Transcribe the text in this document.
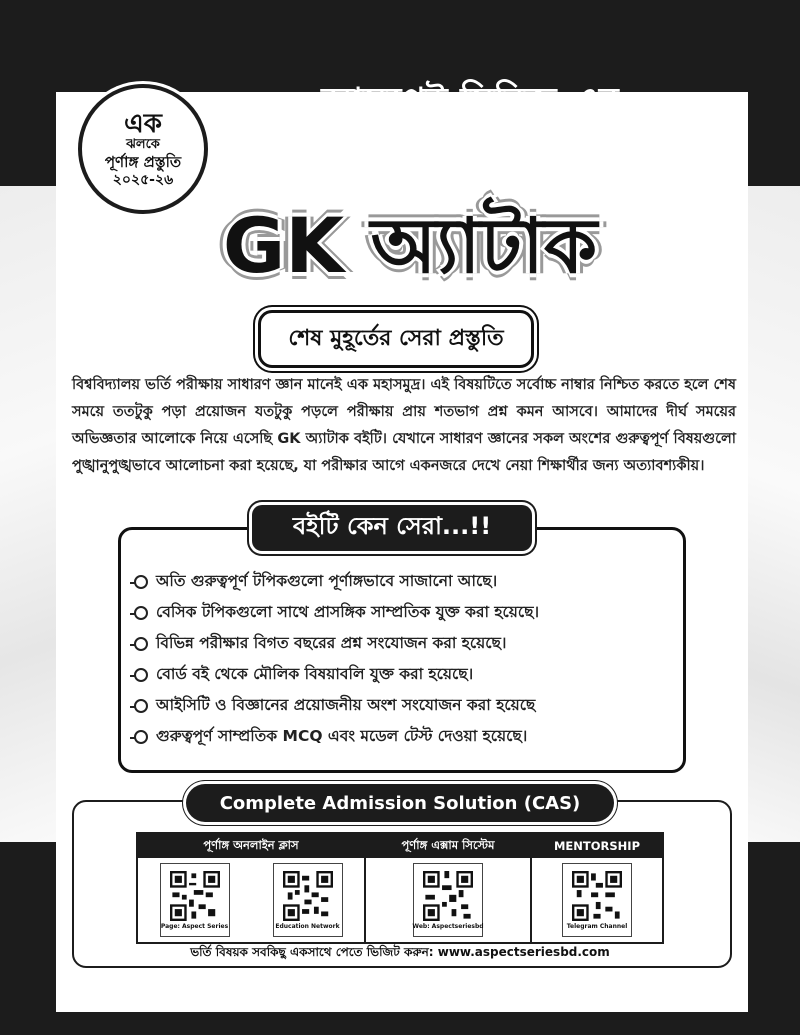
এক
ঝলকে
পূর্ণাঙ্গ প্রস্তুতি
২০২৫-২৬
আসপেক্ট সিরিজ-এর
ঢাকা বিশ্ববিদ্যালয়সহ সকল পাবলিক বিশ্ববিদ্যালয়ের সাধারণ জ্ঞানের
শেষ সময়ের পূর্ণাঙ্গ প্রস্তুতির জন্য
GK অ্যাটাক
শেষ মুহূর্তের সেরা প্রস্তুতি
বিশ্ববিদ্যালয় ভর্তি পরীক্ষায় সাধারণ জ্ঞান মানেই এক মহাসমুদ্র। এই বিষয়টিতে সর্বোচ্চ নাম্বার নিশ্চিত করতে হলে শেষ সময়ে ততটুকু পড়া প্রয়োজন যতটুকু পড়লে পরীক্ষায় প্রায় শতভাগ প্রশ্ন কমন আসবে। আমাদের দীর্ঘ সময়ের অভিজ্ঞতার আলোকে নিয়ে এসেছি GK অ্যাটাক বইটি। যেখানে সাধারণ জ্ঞানের সকল অংশের গুরুত্বপূর্ণ বিষয়গুলো পুঙ্খানুপুঙ্খভাবে আলোচনা করা হয়েছে, যা পরীক্ষার আগে একনজরে দেখে নেয়া শিক্ষার্থীর জন্য অত্যাবশ্যকীয়।
বইটি কেন সেরা...!!
অতি গুরুত্বপূর্ণ টপিকগুলো পূর্ণাঙ্গভাবে সাজানো আছে।
বেসিক টপিকগুলো সাথে প্রাসঙ্গিক সাম্প্রতিক যুক্ত করা হয়েছে।
বিভিন্ন পরীক্ষার বিগত বছরের প্রশ্ন সংযোজন করা হয়েছে।
বোর্ড বই থেকে মৌলিক বিষয়াবলি যুক্ত করা হয়েছে।
আইসিটি ও বিজ্ঞানের প্রয়োজনীয় অংশ সংযোজন করা হয়েছে
গুরুত্বপূর্ণ সাম্প্রতিক MCQ এবং মডেল টেস্ট দেওয়া হয়েছে।
Complete Admission Solution (CAS)
পূর্ণাঙ্গ অনলাইন ক্লাস
Page: Aspect Series	Education Network
পূর্ণাঙ্গ এক্সাম সিস্টেম
Web: Aspectseriesbd
MENTORSHIP
Telegram Channel
ভর্তি বিষয়ক সবকিছু একসাথে পেতে ভিজিট করুন: www.aspectseriesbd.com
